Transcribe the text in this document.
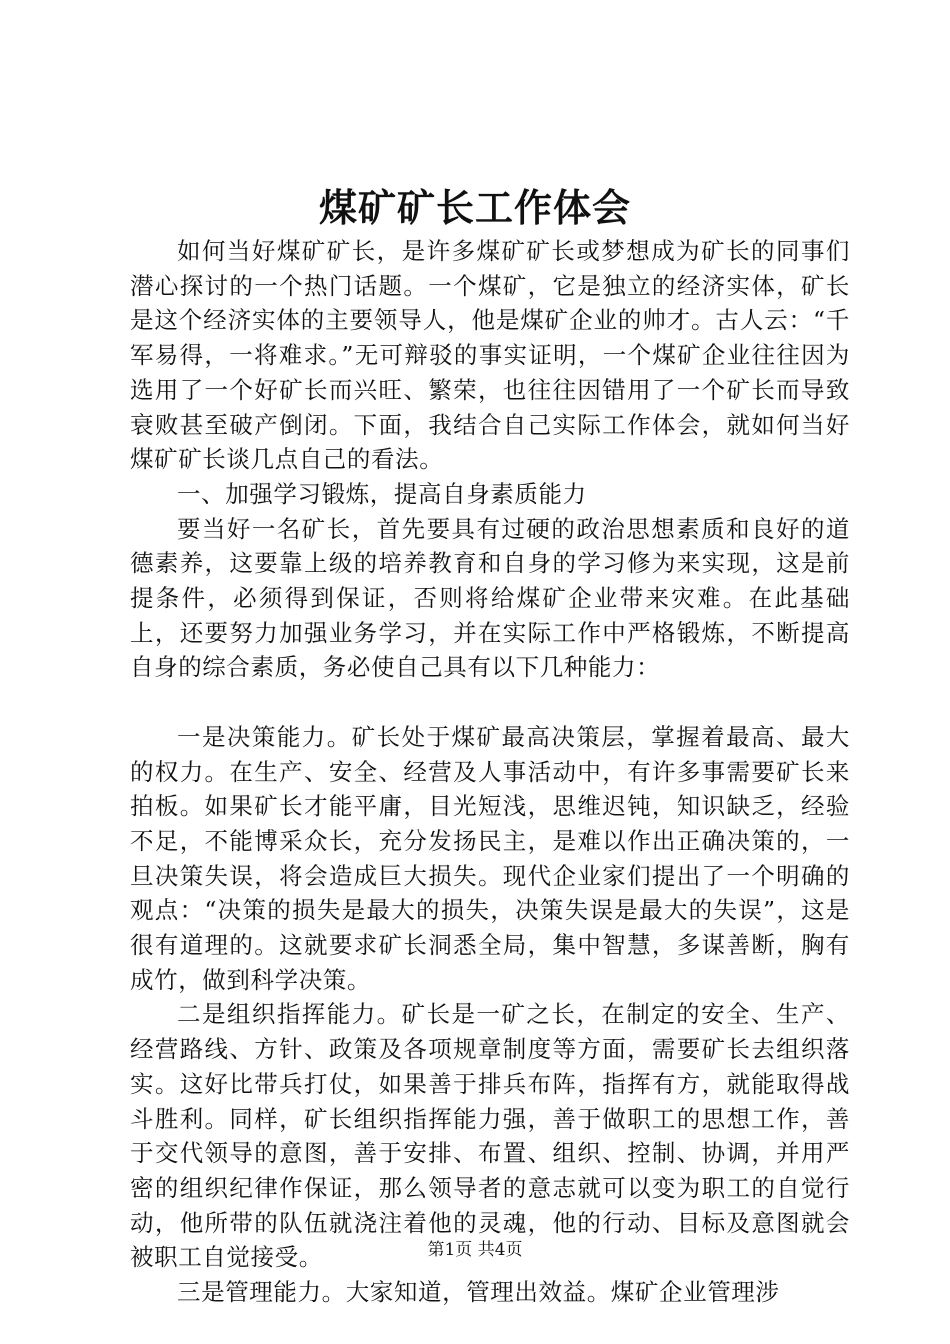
煤矿矿长工作体会

如何当好煤矿矿长，是许多煤矿矿长或梦想成为矿长的同事们潜心探讨的一个热门话题。一个煤矿，它是独立的经济实体，矿长是这个经济实体的主要领导人，他是煤矿企业的帅才。古人云：“千军易得，一将难求。”无可辩驳的事实证明，一个煤矿企业往往因为选用了一个好矿长而兴旺、繁荣，也往往因错用了一个矿长而导致衰败甚至破产倒闭。下面，我结合自己实际工作体会，就如何当好煤矿矿长谈几点自己的看法。

一、加强学习锻炼，提高自身素质能力

要当好一名矿长，首先要具有过硬的政治思想素质和良好的道德素养，这要靠上级的培养教育和自身的学习修为来实现，这是前提条件，必须得到保证，否则将给煤矿企业带来灾难。在此基础上，还要努力加强业务学习，并在实际工作中严格锻炼，不断提高自身的综合素质，务必使自己具有以下几种能力：

一是决策能力。矿长处于煤矿最高决策层，掌握着最高、最大的权力。在生产、安全、经营及人事活动中，有许多事需要矿长来拍板。如果矿长才能平庸，目光短浅，思维迟钝，知识缺乏，经验不足，不能博采众长，充分发扬民主，是难以作出正确决策的，一旦决策失误，将会造成巨大损失。现代企业家们提出了一个明确的观点：“决策的损失是最大的损失，决策失误是最大的失误”，这是很有道理的。这就要求矿长洞悉全局，集中智慧，多谋善断，胸有成竹，做到科学决策。

二是组织指挥能力。矿长是一矿之长，在制定的安全、生产、经营路线、方针、政策及各项规章制度等方面，需要矿长去组织落实。这好比带兵打仗，如果善于排兵布阵，指挥有方，就能取得战斗胜利。同样，矿长组织指挥能力强，善于做职工的思想工作，善于交代领导的意图，善于安排、布置、组织、控制、协调，并用严密的组织纪律作保证，那么领导者的意志就可以变为职工的自觉行动，他所带的队伍就浇注着他的灵魂，他的行动、目标及意图就会被职工自觉接受。

三是管理能力。大家知道，管理出效益。煤矿企业管理涉

第1页 共4页
